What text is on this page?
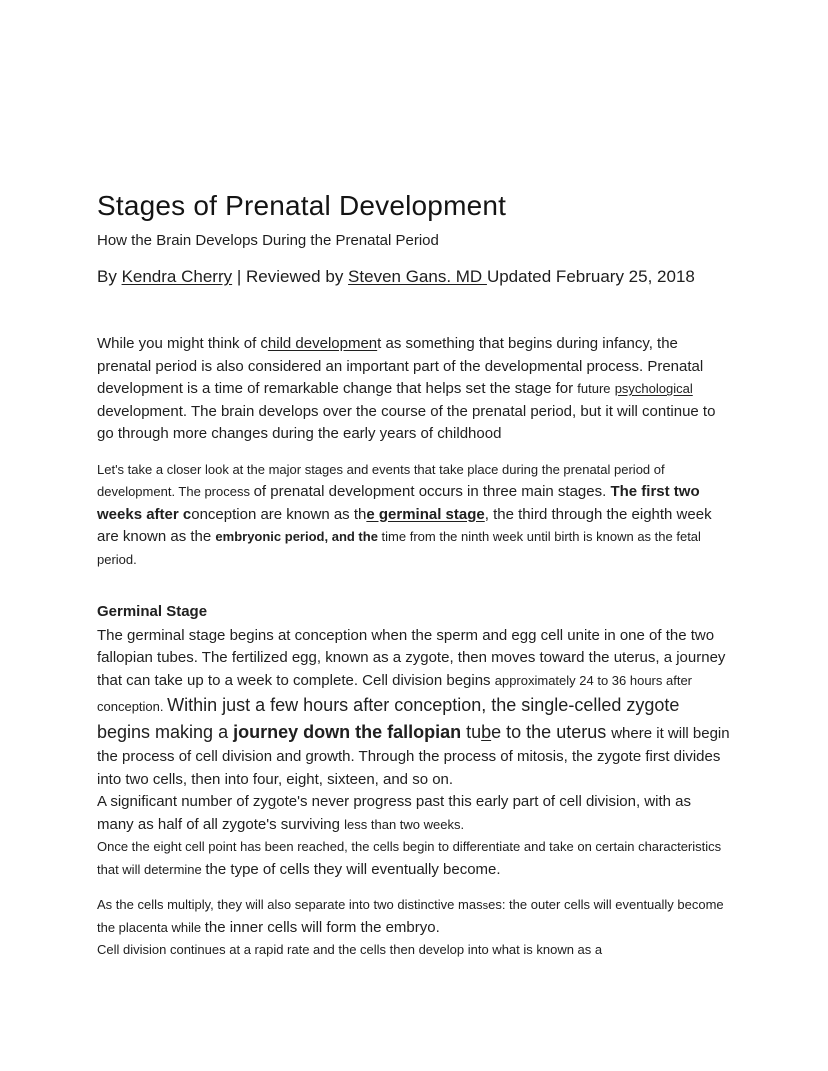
Stages of Prenatal Development
How the Brain Develops During the Prenatal Period
By Kendra Cherry | Reviewed by Steven Gans. MD Updated February 25, 2018

While you might think of child development as something that begins during infancy, the prenatal period is also considered an important part of the developmental process. Prenatal development is a time of remarkable change that helps set the stage for future psychological development. The brain develops over the course of the prenatal period, but it will continue to go through more changes during the early years of childhood

Let's take a closer look at the major stages and events that take place during the prenatal period of development. The process of prenatal development occurs in three main stages. The first two weeks after conception are known as the germinal stage, the third through the eighth week are known as the embryonic period, and the time from the ninth week until birth is known as the fetal period.

Germinal Stage

The germinal stage begins at conception when the sperm and egg cell unite in one of the two fallopian tubes. The fertilized egg, known as a zygote, then moves toward the uterus, a journey that can take up to a week to complete. Cell division begins approximately 24 to 36 hours after conception. Within just a few hours after conception, the single-celled zygote begins making a journey down the fallopian tube to the uterus where it will begin the process of cell division and growth. Through the process of mitosis, the zygote first divides into two cells, then into four, eight, sixteen, and so on.

A significant number of zygote's never progress past this early part of cell division, with as many as half of all zygote's surviving less than two weeks.

Once the eight cell point has been reached, the cells begin to differentiate and take on certain characteristics that will determine the type of cells they will eventually become.

As the cells multiply, they will also separate into two distinctive masses: the outer cells will eventually become the placenta while the inner cells will form the embryo.

Cell division continues at a rapid rate and the cells then develop into what is known as a
